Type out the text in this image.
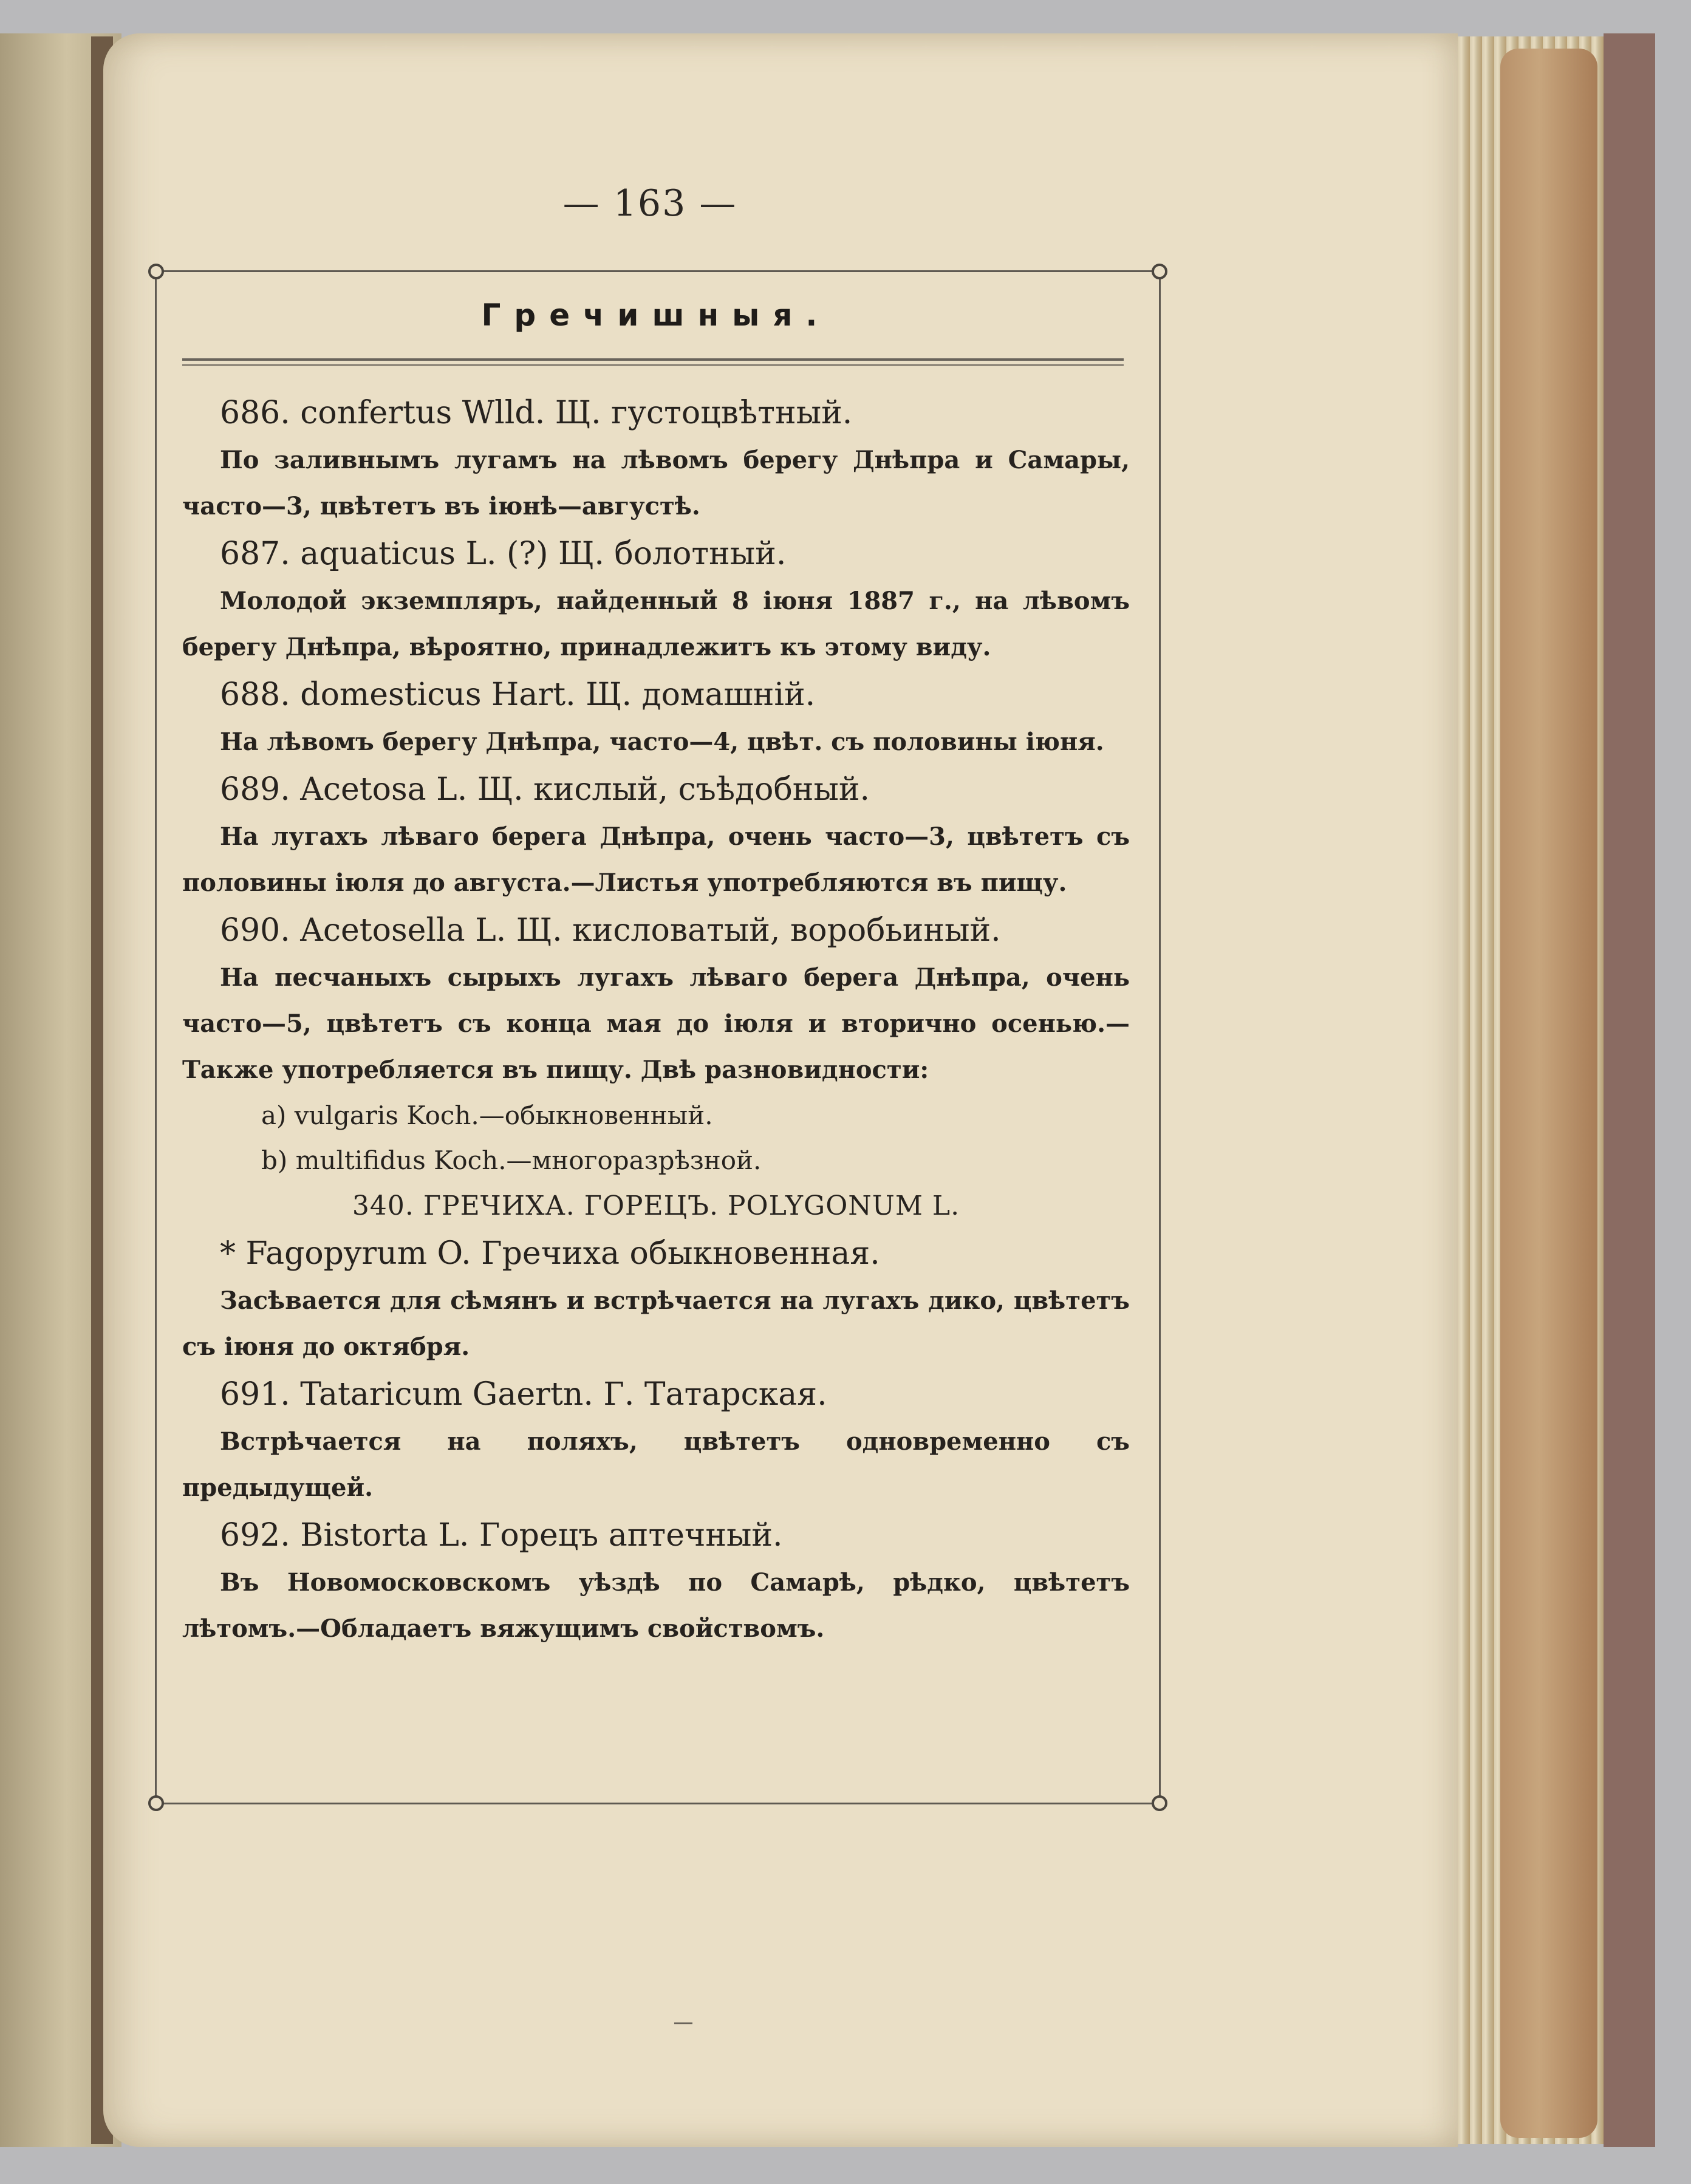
— 163 —
Гречишныя.

686. confertus Wlld. Щ. густоцвѣтный.

По заливнымъ лугамъ на лѣвомъ берегу Днѣпра и Самары, часто—3, цвѣтетъ въ iюнѣ—августѣ.

687. aquaticus L. (?) Щ. болотный.

Молодой экземпляръ, найденный 8 iюня 1887 г., на лѣвомъ берегу Днѣпра, вѣроятно, принадлежитъ къ этому виду.

688. domesticus Hart. Щ. домашнiй.

На лѣвомъ берегу Днѣпра, часто—4, цвѣт. съ половины iюня.

689. Acetosa L. Щ. кислый, съѣдобный.

На лугахъ лѣваго берега Днѣпра, очень часто—3, цвѣтетъ съ половины iюля до августа.—Листья употребляются въ пищу.

690. Acetosella L. Щ. кисловатый, воробьиный.

На песчаныхъ сырыхъ лугахъ лѣваго берега Днѣпра, очень часто—5, цвѣтетъ съ конца мая до iюля и вторично осенью.—Также употребляется въ пищу. Двѣ разновидности:

a) vulgaris Koch.—обыкновенный.

b) multifidus Koch.—многоразрѣзной.

340. ГРЕЧИХА. ГОРЕЦЪ. POLYGONUM L.

* Fagopyrum O. Гречиха обыкновенная.

Засѣвается для сѣмянъ и встрѣчается на лугахъ дико, цвѣтетъ съ iюня до октября.

691. Tataricum Gaertn. Г. Татарская.

Встрѣчается на поляхъ, цвѣтетъ одновременно съ предыдущей.

692. Bistorta L. Горецъ аптечный.

Въ Новомосковскомъ уѣздѣ по Самарѣ, рѣдко, цвѣтетъ лѣтомъ.—Обладаетъ вяжущимъ свойствомъ.
